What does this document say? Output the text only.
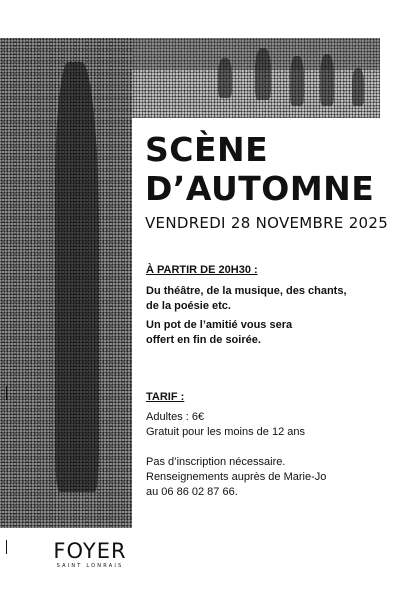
SCÈNE
D’AUTOMNE
VENDREDI 28 NOVEMBRE 2025
À PARTIR DE 20H30 :
Du théâtre, de la musique, des chants,
de la poésie etc.
Un pot de l’amitié vous sera
offert en fin de soirée.
TARIF :
Adultes : 6€
Gratuit pour les moins de 12 ans
Pas d’inscription nécessaire.
Renseignements auprès de Marie-Jo
au 06 86 02 87 66.
FOYER
SAINT LONRAIS
